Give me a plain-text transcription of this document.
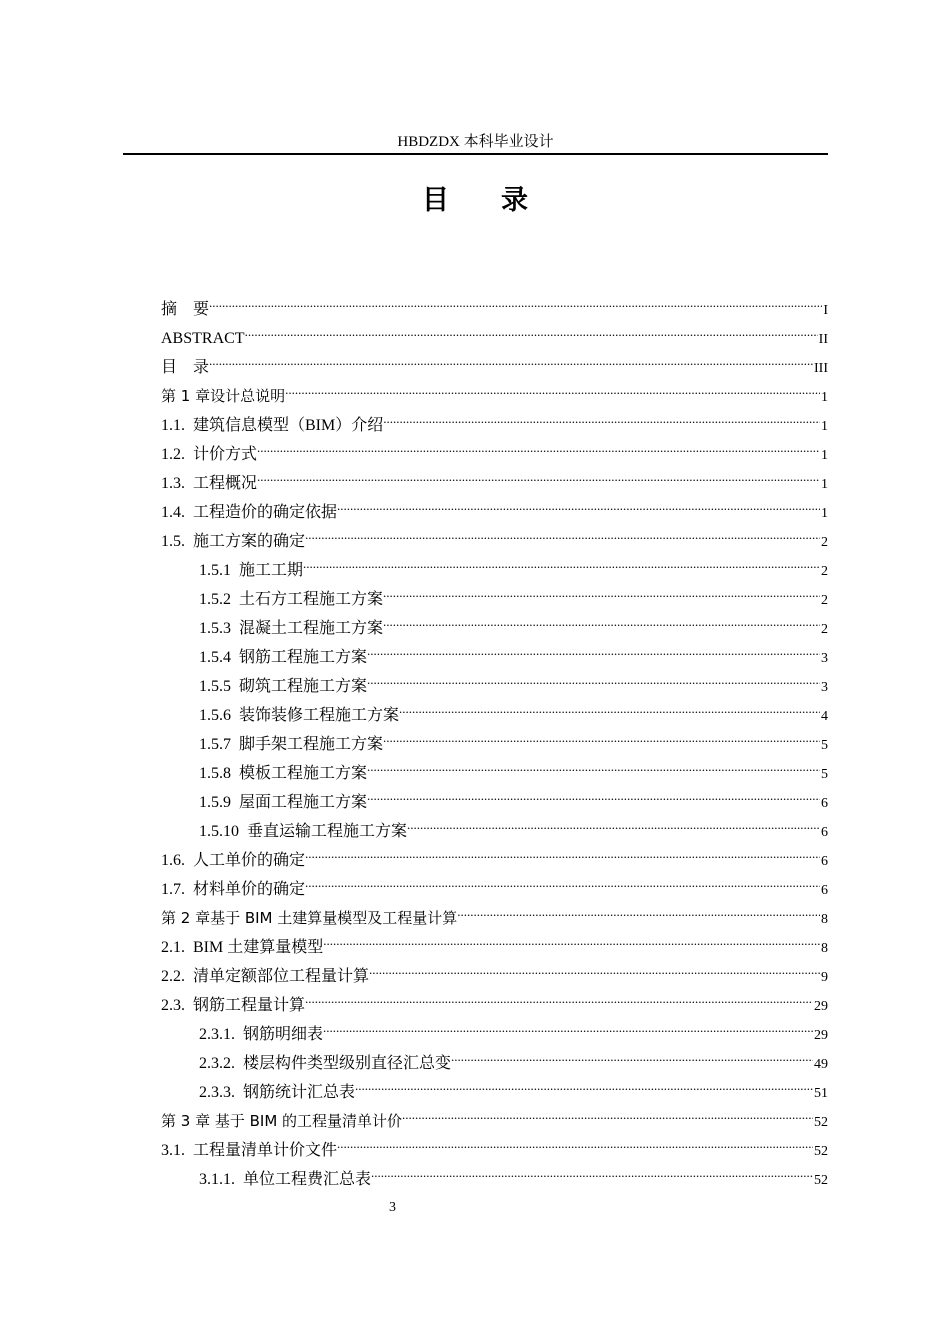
HBDZDX 本科毕业设计
目 录
摘　要 .....	I
ABSTRACT .....	II
目　录 .....	III
第 1 章设计总说明 .....	1
1.1. 建筑信息模型（BIM）介绍 .....	1
1.2. 计价方式 .....	1
1.3. 工程概况 .....	1
1.4. 工程造价的确定依据 .....	1
1.5. 施工方案的确定 .....	2
1.5.1 施工工期 .....	2
1.5.2 土石方工程施工方案 .....	2
1.5.3 混凝土工程施工方案 .....	2
1.5.4 钢筋工程施工方案 .....	3
1.5.5 砌筑工程施工方案 .....	3
1.5.6 装饰装修工程施工方案 .....	4
1.5.7 脚手架工程施工方案 .....	5
1.5.8 模板工程施工方案 .....	5
1.5.9 屋面工程施工方案 .....	6
1.5.10 垂直运输工程施工方案 .....	6
1.6. 人工单价的确定 .....	6
1.7. 材料单价的确定 .....	6
第 2 章基于 BIM 土建算量模型及工程量计算 .....	8
2.1. BIM 土建算量模型 .....	8
2.2. 清单定额部位工程量计算 .....	9
2.3. 钢筋工程量计算 .....	29
2.3.1. 钢筋明细表 .....	29
2.3.2. 楼层构件类型级别直径汇总变 .....	49
2.3.3. 钢筋统计汇总表 .....	51
第 3 章 基于 BIM 的工程量清单计价 .....	52
3.1. 工程量清单计价文件 .....	52
3.1.1. 单位工程费汇总表 .....	52
3
